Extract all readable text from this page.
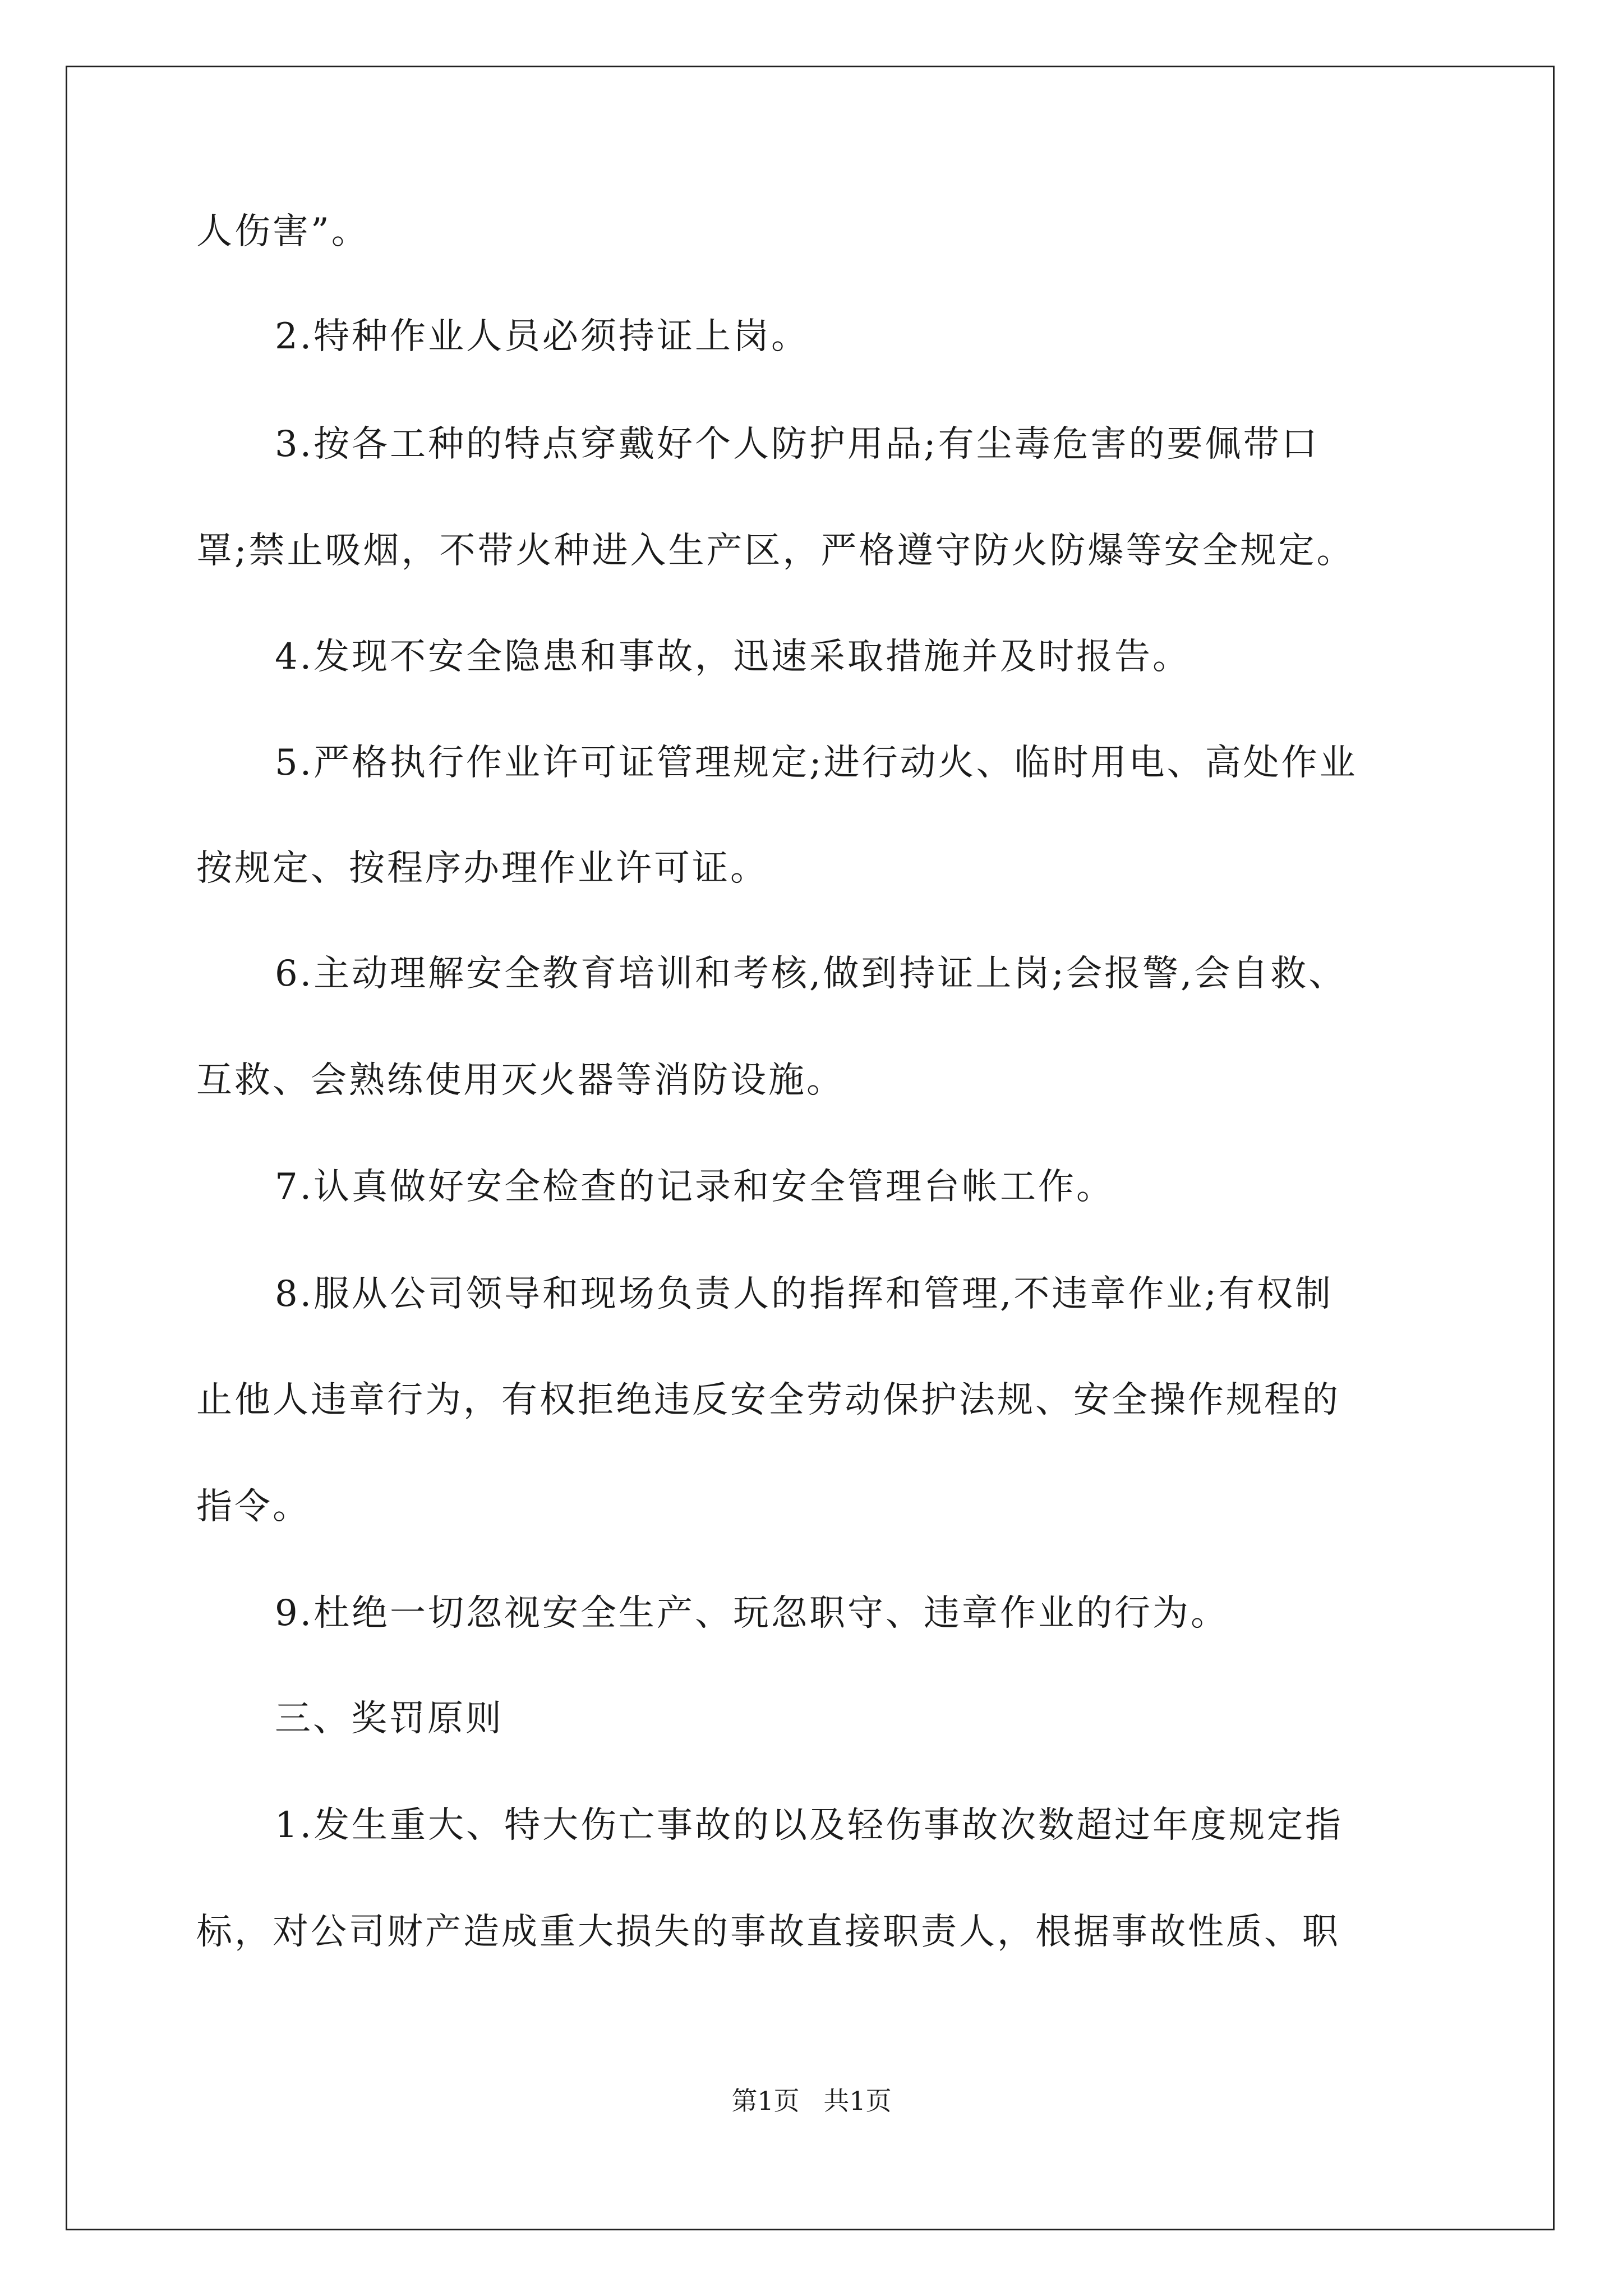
人伤害”。
2.特种作业人员必须持证上岗。
3.按各工种的特点穿戴好个人防护用品;有尘毒危害的要佩带口
罩;禁止吸烟，不带火种进入生产区，严格遵守防火防爆等安全规定。
4.发现不安全隐患和事故，迅速采取措施并及时报告。
5.严格执行作业许可证管理规定;进行动火、临时用电、高处作业
按规定、按程序办理作业许可证。
6.主动理解安全教育培训和考核,做到持证上岗;会报警,会自救、
互救、会熟练使用灭火器等消防设施。
7.认真做好安全检查的记录和安全管理台帐工作。
8.服从公司领导和现场负责人的指挥和管理,不违章作业;有权制
止他人违章行为，有权拒绝违反安全劳动保护法规、安全操作规程的
指令。
9.杜绝一切忽视安全生产、玩忽职守、违章作业的行为。
三、奖罚原则
1.发生重大、特大伤亡事故的以及轻伤事故次数超过年度规定指
标，对公司财产造成重大损失的事故直接职责人，根据事故性质、职
第1页 共1页
